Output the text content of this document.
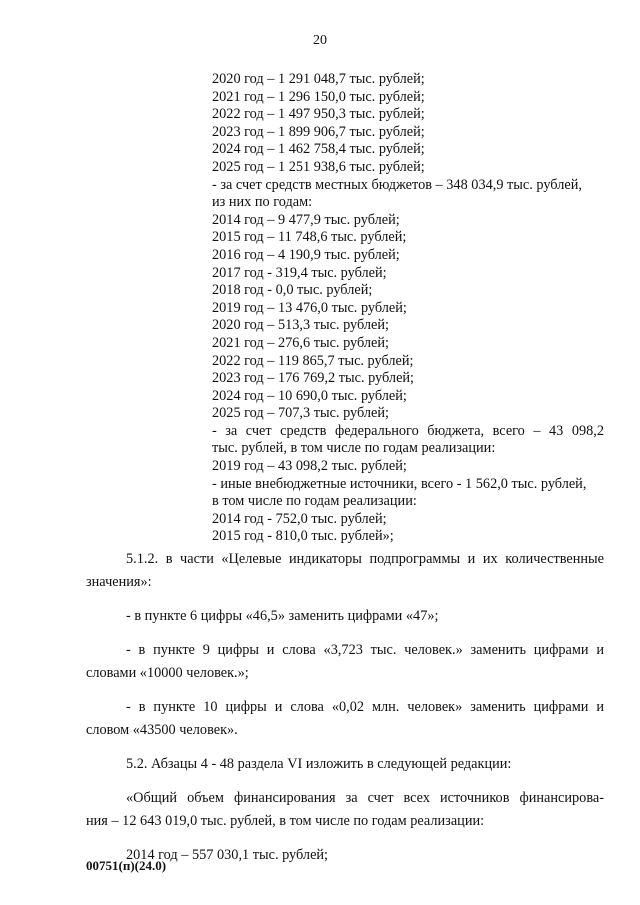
20
2020 год – 1 291 048,7 тыс. рублей;
2021 год – 1 296 150,0 тыс. рублей;
2022 год – 1 497 950,3 тыс. рублей;
2023 год – 1 899 906,7 тыс. рублей;
2024 год – 1 462 758,4 тыс. рублей;
2025 год – 1 251 938,6 тыс. рублей;
- за счет средств местных бюджетов – 348 034,9 тыс. рублей,
из них по годам:
2014 год – 9 477,9 тыс. рублей;
2015 год – 11 748,6 тыс. рублей;
2016 год – 4 190,9 тыс. рублей;
2017 год - 319,4 тыс. рублей;
2018 год - 0,0 тыс. рублей;
2019 год – 13 476,0 тыс. рублей;
2020 год – 513,3 тыс. рублей;
2021 год – 276,6 тыс. рублей;
2022 год – 119 865,7 тыс. рублей;
2023 год – 176 769,2 тыс. рублей;
2024 год – 10 690,0 тыс. рублей;
2025 год – 707,3 тыс. рублей;
- за счет средств федерального бюджета, всего – 43 098,2
тыс. рублей, в том числе по годам реализации:
2019 год – 43 098,2 тыс. рублей;
- иные внебюджетные источники, всего - 1 562,0 тыс. рублей,
в том числе по годам реализации:
2014 год - 752,0 тыс. рублей;
2015 год - 810,0 тыс. рублей»;
5.1.2. в части «Целевые индикаторы подпрограммы и их количественные
значения»:
- в пункте 6 цифры «46,5» заменить цифрами «47»;
- в пункте 9 цифры и слова «3,723 тыс. человек.» заменить цифрами и
словами «10000 человек.»;
- в пункте 10 цифры и слова «0,02 млн. человек» заменить цифрами и
словом «43500 человек».
5.2. Абзацы 4 - 48 раздела VI изложить в следующей редакции:
«Общий объем финансирования за счет всех источников финансирова-
ния – 12 643 019,0 тыс. рублей, в том числе по годам реализации:
2014 год – 557 030,1 тыс. рублей;
00751(п)(24.0)
